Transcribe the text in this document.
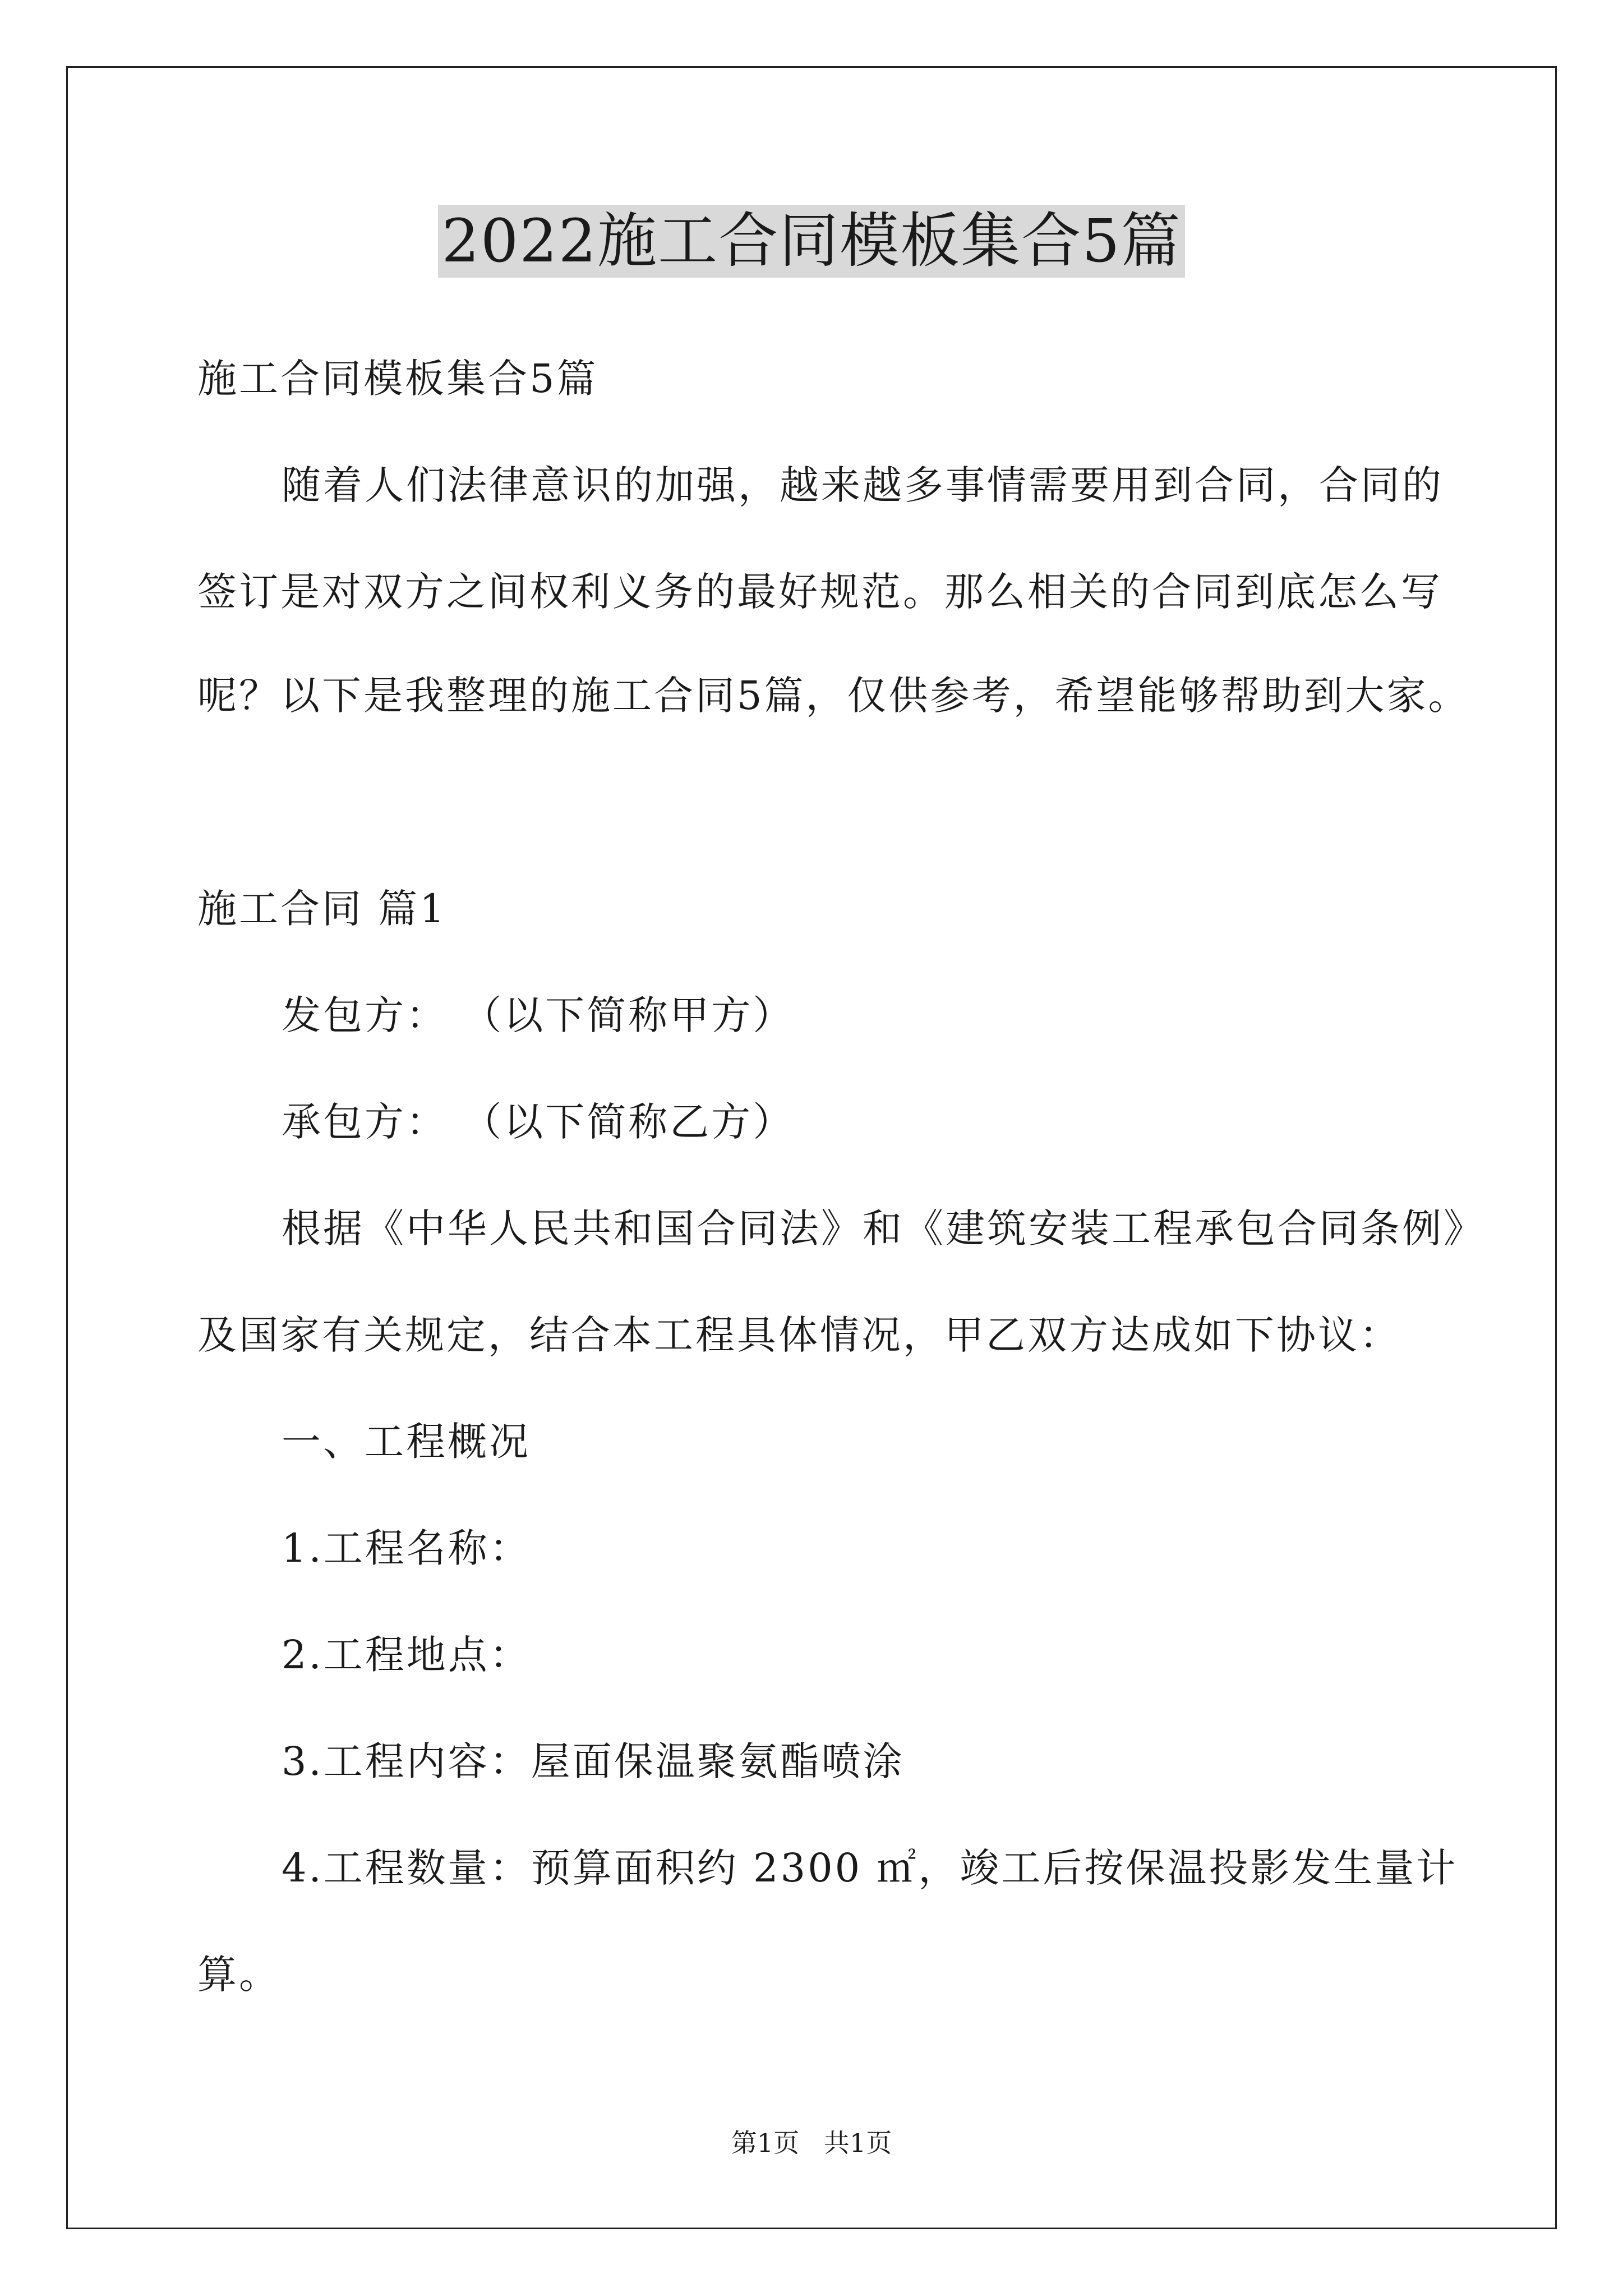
2022施工合同模板集合5篇
施工合同模板集合5篇
随着人们法律意识的加强，越来越多事情需要用到合同，合同的
签订是对双方之间权利义务的最好规范。那么相关的合同到底怎么写
呢？以下是我整理的施工合同5篇，仅供参考，希望能够帮助到大家。
施工合同 篇1
发包方： （以下简称甲方）
承包方： （以下简称乙方）
根据《中华人民共和国合同法》和《建筑安装工程承包合同条例》
及国家有关规定，结合本工程具体情况，甲乙双方达成如下协议：
一、工程概况
1.工程名称：
2.工程地点：
3.工程内容：屋面保温聚氨酯喷涂
4.工程数量：预算面积约 2300 ㎡，竣工后按保温投影发生量计
算。
第1页   共1页
